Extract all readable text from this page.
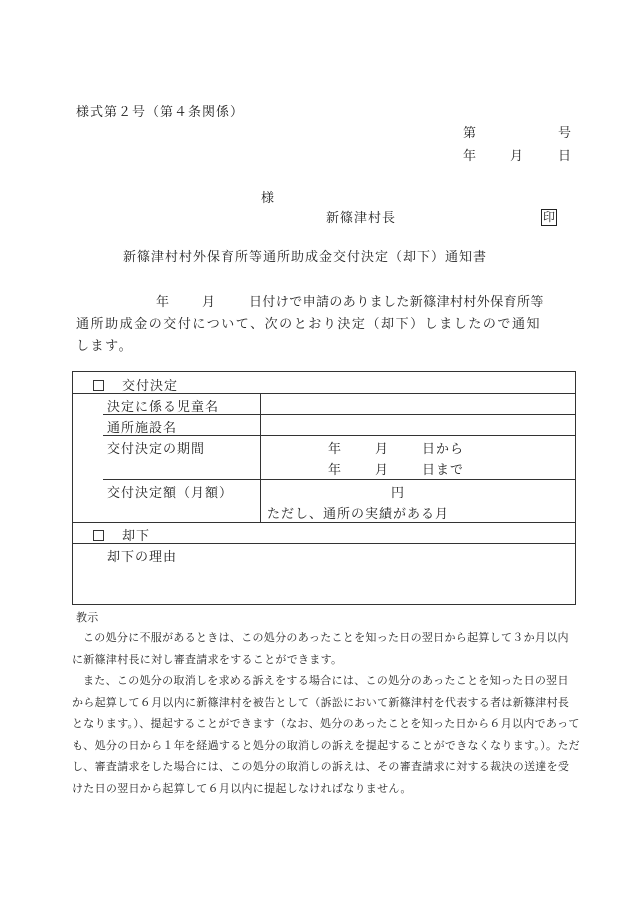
様式第２号（第４条関係）
第	号
年	月	日
様
新篠津村長	印
新篠津村村外保育所等通所助成金交付決定（却下）通知書
年 月	日付けで申請のありました新篠津村村外保育所等
通所助成金の交付について、次のとおり決定（却下）しましたので通知
します。
交付決定
決定に係る児童名
通所施設名
交付決定の期間	年	月	日から
年	月	日まで
交付決定額（月額）	円
ただし、通所の実績がある月
却下
却下の理由
教示

この処分に不服があるときは、この処分のあったことを知った日の翌日から起算して３か月以内に新篠津村長に対し審査請求をすることができます。

また、この処分の取消しを求める訴えをする場合には、この処分のあったことを知った日の翌日から起算して６月以内に新篠津村を被告として（訴訟において新篠津村を代表する者は新篠津村長となります。）、提起することができます（なお、処分のあったことを知った日から６月以内であっても、処分の日から１年を経過すると処分の取消しの訴えを提起することができなくなります。）。ただし、審査請求をした場合には、この処分の取消しの訴えは、その審査請求に対する裁決の送達を受けた日の翌日から起算して６月以内に提起しなければなりません。
